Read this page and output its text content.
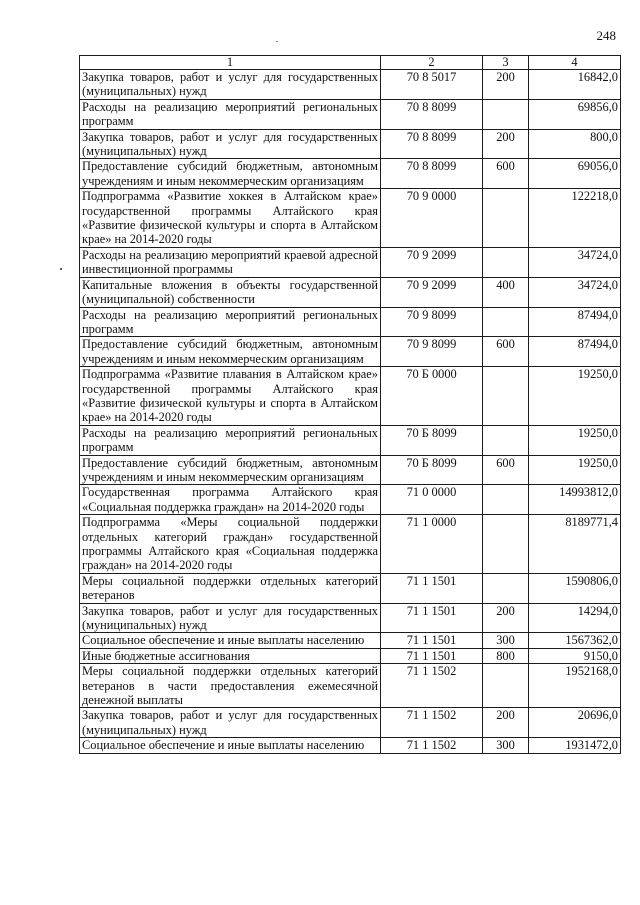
248
1	2	3	4
Закупка товаров, работ и услуг для государственных (муниципальных) нужд	70 8 5017	200	16842,0
Расходы на реализацию мероприятий региональных программ	70 8 8099		69856,0
Закупка товаров, работ и услуг для государственных (муниципальных) нужд	70 8 8099	200	800,0
Предоставление субсидий бюджетным, автономным учреждениям и иным некоммерческим организациям	70 8 8099	600	69056,0
Подпрограмма «Развитие хоккея в Алтайском крае» государственной программы Алтайского края «Развитие физической культуры и спорта в Алтайском крае» на 2014-2020 годы	70 9 0000		122218,0
Расходы на реализацию мероприятий краевой адресной инвестиционной программы	70 9 2099		34724,0
Капитальные вложения в объекты государственной (муниципальной) собственности	70 9 2099	400	34724,0
Расходы на реализацию мероприятий региональных программ	70 9 8099		87494,0
Предоставление субсидий бюджетным, автономным учреждениям и иным некоммерческим организациям	70 9 8099	600	87494,0
Подпрограмма «Развитие плавания в Алтайском крае» государственной программы Алтайского края «Развитие физической культуры и спорта в Алтайском крае» на 2014-2020 годы	70 Б 0000		19250,0
Расходы на реализацию мероприятий региональных программ	70 Б 8099		19250,0
Предоставление субсидий бюджетным, автономным учреждениям и иным некоммерческим организациям	70 Б 8099	600	19250,0
Государственная программа Алтайского края «Социальная поддержка граждан» на 2014-2020 годы	71 0 0000		14993812,0
Подпрограмма «Меры социальной поддержки отдельных категорий граждан» государственной программы Алтайского края «Социальная поддержка граждан» на 2014-2020 годы	71 1 0000		8189771,4
Меры социальной поддержки отдельных категорий ветеранов	71 1 1501		1590806,0
Закупка товаров, работ и услуг для государственных (муниципальных) нужд	71 1 1501	200	14294,0
Социальное обеспечение и иные выплаты населению	71 1 1501	300	1567362,0
Иные бюджетные ассигнования	71 1 1501	800	9150,0
Меры социальной поддержки отдельных категорий ветеранов в части предоставления ежемесячной денежной выплаты	71 1 1502		1952168,0
Закупка товаров, работ и услуг для государственных (муниципальных) нужд	71 1 1502	200	20696,0
Социальное обеспечение и иные выплаты населению	71 1 1502	300	1931472,0
